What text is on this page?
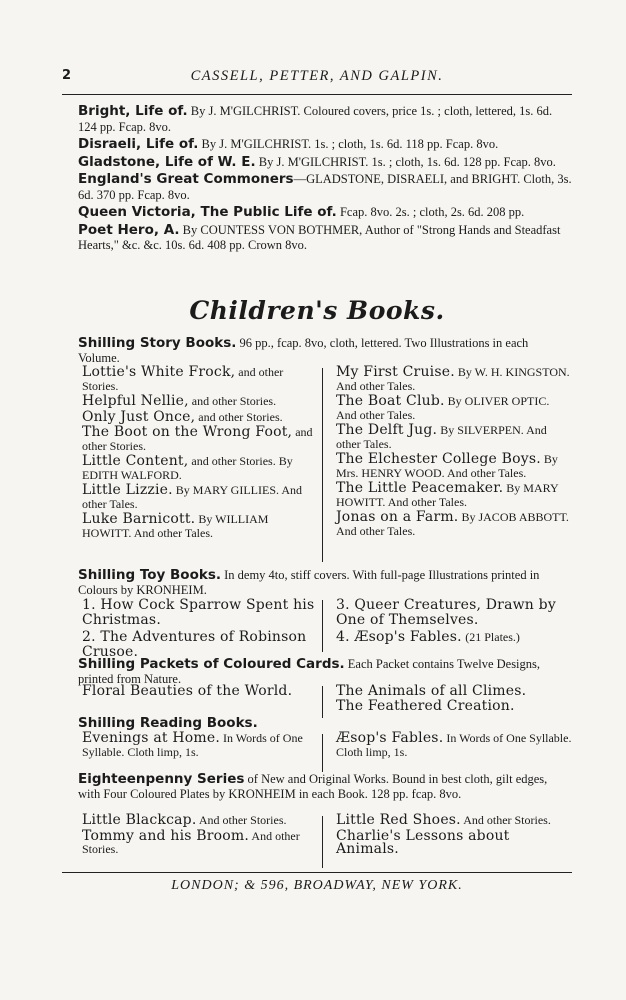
2	CASSELL, PETTER, AND GALPIN.
Bright, Life of. By J. M'GILCHRIST. Coloured covers, price 1s. ; cloth, lettered, 1s. 6d. 124 pp. Fcap. 8vo.
Disraeli, Life of. By J. M'GILCHRIST. 1s. ; cloth, 1s. 6d. 118 pp. Fcap. 8vo.
Gladstone, Life of W. E. By J. M'GILCHRIST. 1s. ; cloth, 1s. 6d. 128 pp. Fcap. 8vo.
England's Great Commoners—GLADSTONE, DISRAELI, and BRIGHT. Cloth, 3s. 6d. 370 pp. Fcap. 8vo.
Queen Victoria, The Public Life of. Fcap. 8vo. 2s. ; cloth, 2s. 6d. 208 pp.
Poet Hero, A. By COUNTESS VON BOTHMER, Author of "Strong Hands and Steadfast Hearts," &c. &c. 10s. 6d. 408 pp. Crown 8vo.
Children's Books.
Shilling Story Books. 96 pp., fcap. 8vo, cloth, lettered. Two Illustrations in each Volume.
Lottie's White Frock, and other Stories.
Helpful Nellie, and other Stories.
Only Just Once, and other Stories.
The Boot on the Wrong Foot, and other Stories.
Little Content, and other Stories. By EDITH WALFORD.
Little Lizzie. By MARY GILLIES. And other Tales.
Luke Barnicott. By WILLIAM HOWITT. And other Tales.
My First Cruise. By W. H. KINGSTON. And other Tales.
The Boat Club. By OLIVER OPTIC. And other Tales.
The Delft Jug. By SILVERPEN. And other Tales.
The Elchester College Boys. By Mrs. HENRY WOOD. And other Tales.
The Little Peacemaker. By MARY HOWITT. And other Tales.
Jonas on a Farm. By JACOB ABBOTT. And other Tales.
Shilling Toy Books. In demy 4to, stiff covers. With full-page Illustrations printed in Colours by KRONHEIM.
1. How Cock Sparrow Spent his Christmas.
2. The Adventures of Robinson Crusoe.
3. Queer Creatures, Drawn by One of Themselves.
4. Æsop's Fables. (21 Plates.)
Shilling Packets of Coloured Cards. Each Packet contains Twelve Designs, printed from Nature.
Floral Beauties of the World.	The Animals of all Climes.
The Feathered Creation.
Shilling Reading Books.
Evenings at Home. In Words of One Syllable. Cloth limp, 1s.
Æsop's Fables. In Words of One Syllable. Cloth limp, 1s.
Eighteenpenny Series of New and Original Works. Bound in best cloth, gilt edges, with Four Coloured Plates by KRONHEIM in each Book. 128 pp. fcap. 8vo.
Little Blackcap. And other Stories.
Tommy and his Broom. And other Stories.
Little Red Shoes. And other Stories.
Charlie's Lessons about Animals.
LONDON; & 596, BROADWAY, NEW YORK.
